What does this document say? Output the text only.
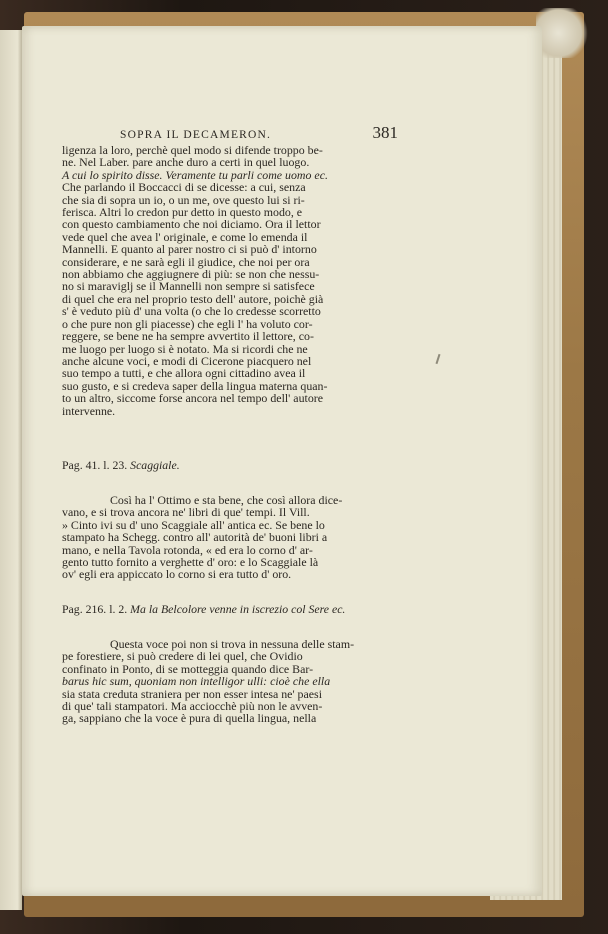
SOPRA IL DECAMERON.	381
ligenza la loro, perchè quel modo si difende troppo be-
ne. Nel Laber. pare anche duro a certi in quel luogo.
A cui lo spirito disse. Veramente tu parli come uomo ec.
Che parlando il Boccacci di se dicesse: a cui, senza
che sia di sopra un io, o un me, ove questo lui si ri-
ferisca. Altri lo credon pur detto in questo modo, e
con questo cambiamento che noi diciamo. Ora il lettor
vede quel che avea l' originale, e come lo emenda il
Mannelli. E quanto al parer nostro ci si può d' intorno
considerare, e ne sarà egli il giudice, che noi per ora
non abbiamo che aggiugnere di più: se non che nessu-
no si maraviglj se il Mannelli non sempre si satisfece
di quel che era nel proprio testo dell' autore, poichè già
s' è veduto più d' una volta (o che lo credesse scorretto
o che pure non gli piacesse) che egli l' ha voluto cor-
reggere, se bene ne ha sempre avvertito il lettore, co-
me luogo per luogo si è notato. Ma si ricordi che ne
anche alcune voci, e modi di Cicerone piacquero nel
suo tempo a tutti, e che allora ogni cittadino avea il
suo gusto, e si credeva saper della lingua materna quan-
to un altro, siccome forse ancora nel tempo dell' autore
intervenne.
Pag. 41. l. 23. Scaggiale.
Così ha l' Ottimo e sta bene, che così allora dice-
vano, e si trova ancora ne' libri di que' tempi. Il Vill.
» Cinto ivi su d' uno Scaggiale all' antica ec. Se bene lo
stampato ha Schegg. contro all' autorità de' buoni libri a
mano, e nella Tavola rotonda, « ed era lo corno d' ar-
gento tutto fornito a verghette d' oro: e lo Scaggiale là
ov' egli era appiccato lo corno si era tutto d' oro.
Pag. 216. l. 2. Ma la Belcolore venne in iscrezio col Sere ec.
Questa voce poi non si trova in nessuna delle stam-
pe forestiere, si può credere di lei quel, che Ovidio
confinato in Ponto, di se motteggia quando dice Bar-
barus hic sum, quoniam non intelligor ulli: cioè che ella
sia stata creduta straniera per non esser intesa ne' paesi
di que' tali stampatori. Ma acciocchè più non le avven-
ga, sappiano che la voce è pura di quella lingua, nella
